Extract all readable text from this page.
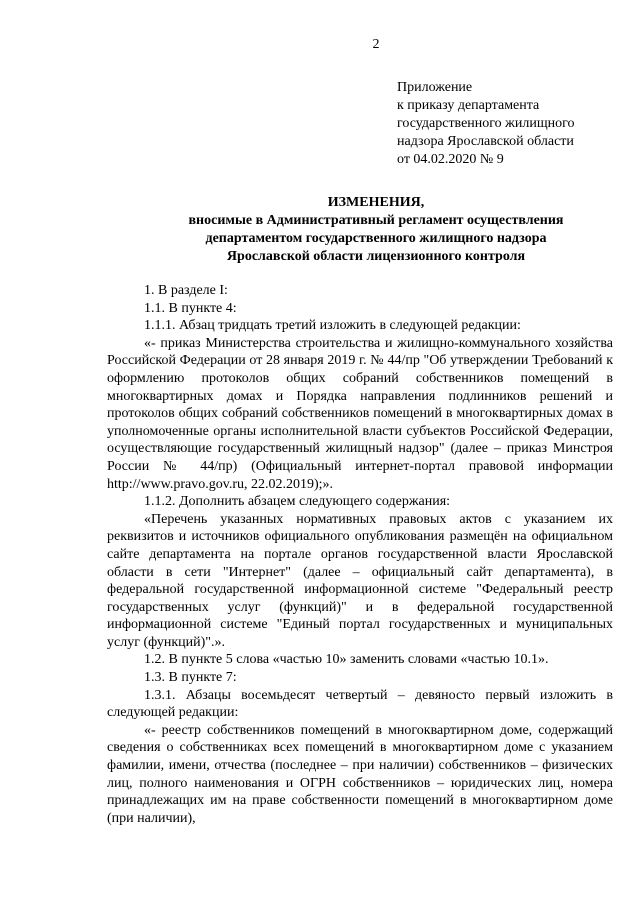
2
Приложение
к приказу департамента
государственного жилищного
надзора Ярославской области
от 04.02.2020 № 9
ИЗМЕНЕНИЯ,
вносимые в Административный регламент осуществления
департаментом государственного жилищного надзора
Ярославской области лицензионного контроля

1. В разделе I:

1.1. В пункте 4:

1.1.1. Абзац тридцать третий изложить в следующей редакции:

«- приказ Министерства строительства и жилищно-коммунального хозяйства Российской Федерации от 28 января 2019 г. № 44/пр "Об утверждении Требований к оформлению протоколов общих собраний собственников помещений в многоквартирных домах и Порядка направления подлинников решений и протоколов общих собраний собственников помещений в многоквартирных домах в уполномоченные органы исполнительной власти субъектов Российской Федерации, осуществляющие государственный жилищный надзор" (далее – приказ Минстроя России № 44/пр) (Официальный интернет-портал правовой информации http://www.pravo.gov.ru, 22.02.2019);».

1.1.2. Дополнить абзацем следующего содержания:

«Перечень указанных нормативных правовых актов с указанием их реквизитов и источников официального опубликования размещён на официальном сайте департамента на портале органов государственной власти Ярославской области в сети "Интернет" (далее – официальный сайт департамента), в федеральной государственной информационной системе "Федеральный реестр государственных услуг (функций)" и в федеральной государственной информационной системе "Единый портал государственных и муниципальных услуг (функций)".».

1.2. В пункте 5 слова «частью 10» заменить словами «частью 10.1».

1.3. В пункте 7:

1.3.1. Абзацы восемьдесят четвертый – девяносто первый изложить в следующей редакции:

«- реестр собственников помещений в многоквартирном доме, содержащий сведения о собственниках всех помещений в многоквартирном доме с указанием фамилии, имени, отчества (последнее – при наличии) собственников – физических лиц, полного наименования и ОГРН собственников – юридических лиц, номера принадлежащих им на праве собственности помещений в многоквартирном доме (при наличии),
